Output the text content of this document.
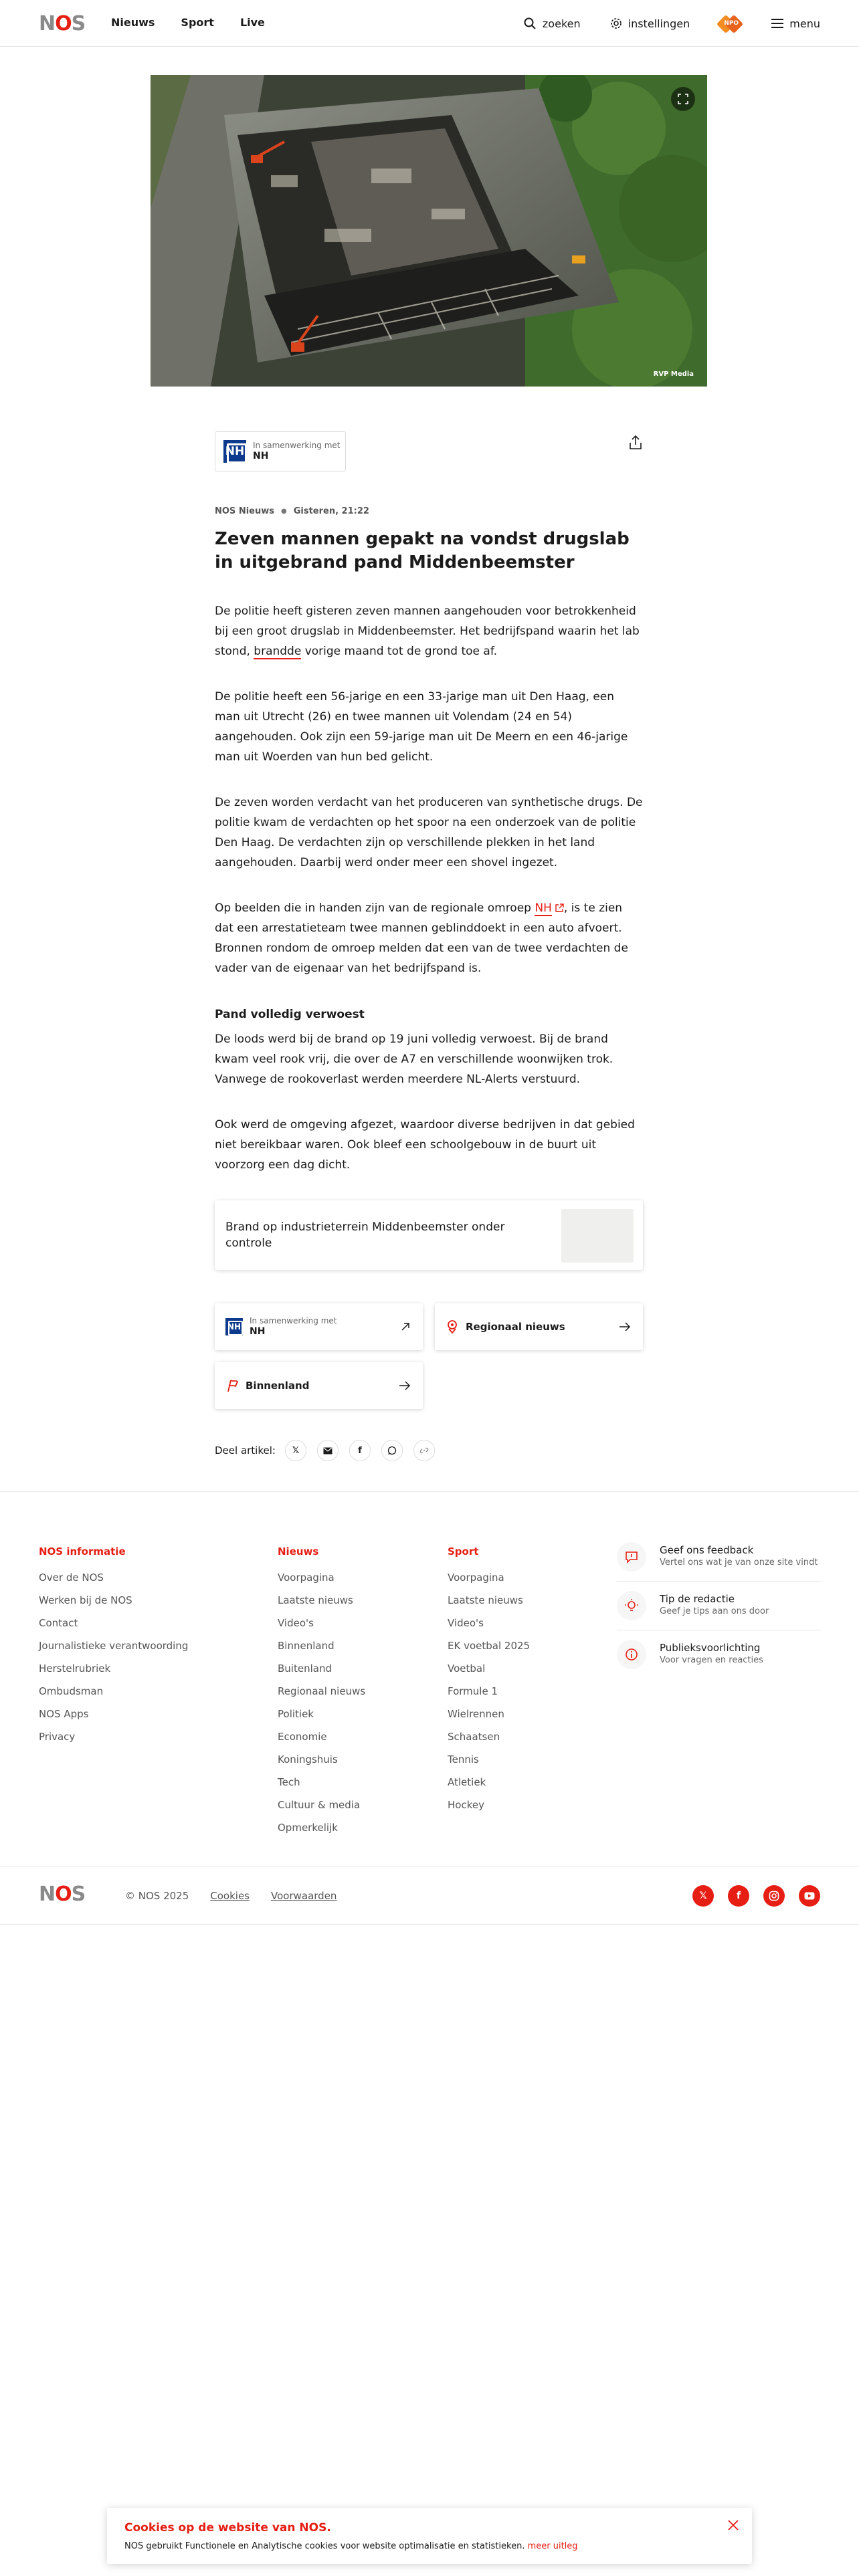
NOS Nieuws Sport Live	zoeken	instellingen	NPO	menu
RVP Media
NH In samenwerking met
NH
NOS Nieuws ● Gisteren, 21:22
Zeven mannen gepakt na vondst drugslab in uitgebrand pand Middenbeemster

De politie heeft gisteren zeven mannen aangehouden voor betrokkenheid bij een groot drugslab in Middenbeemster. Het bedrijfspand waarin het lab stond, brandde vorige maand tot de grond toe af.

De politie heeft een 56-jarige en een 33-jarige man uit Den Haag, een man uit Utrecht (26) en twee mannen uit Volendam (24 en 54) aangehouden. Ook zijn een 59-jarige man uit De Meern en een 46-jarige man uit Woerden van hun bed gelicht.

De zeven worden verdacht van het produceren van synthetische drugs. De politie kwam de verdachten op het spoor na een onderzoek van de politie Den Haag. De verdachten zijn op verschillende plekken in het land aangehouden. Daarbij werd onder meer een shovel ingezet.

Op beelden die in handen zijn van de regionale omroep NH , is te zien dat een arrestatieteam twee mannen geblinddoekt in een auto afvoert. Bronnen rondom de omroep melden dat een van de twee verdachten de vader van de eigenaar van het bedrijfspand is.

Pand volledig verwoest

De loods werd bij de brand op 19 juni volledig verwoest. Bij de brand kwam veel rook vrij, die over de A7 en verschillende woonwijken trok. Vanwege de rookoverlast werden meerdere NL-Alerts verstuurd.

Ook werd de omgeving afgezet, waardoor diverse bedrijven in dat gebied niet bereikbaar waren. Ook bleef een schoolgebouw in de buurt uit voorzorg een dag dicht.

Brand op industrieterrein Middenbeemster onder controle
NH
In samenwerking met
NH	Regionaal nieuws
Binnenland
Deel artikel: 𝕏	f
NOS informatie
Over de NOS
Werken bij de NOS
Contact
Journalistieke verantwoording
Herstelrubriek
Ombudsman
NOS Apps
Privacy
Nieuws
Voorpagina
Laatste nieuws
Video's
Binnenland
Buitenland
Regionaal nieuws
Politiek
Economie
Koningshuis
Tech
Cultuur & media
Opmerkelijk
Sport
Voorpagina
Laatste nieuws
Video's
EK voetbal 2025
Voetbal
Formule 1
Wielrennen
Schaatsen
Tennis
Atletiek
Hockey
Geef ons feedback
Vertel ons wat je van onze site vindt
Tip de redactie
Geef je tips aan ons door
Publieksvoorlichting
Voor vragen en reacties
NOS	© NOS 2025 Cookies Voorwaarden	𝕏	f
Cookies op de website van NOS.
NOS gebruikt Functionele en Analytische cookies voor website optimalisatie en statistieken. meer uitleg
